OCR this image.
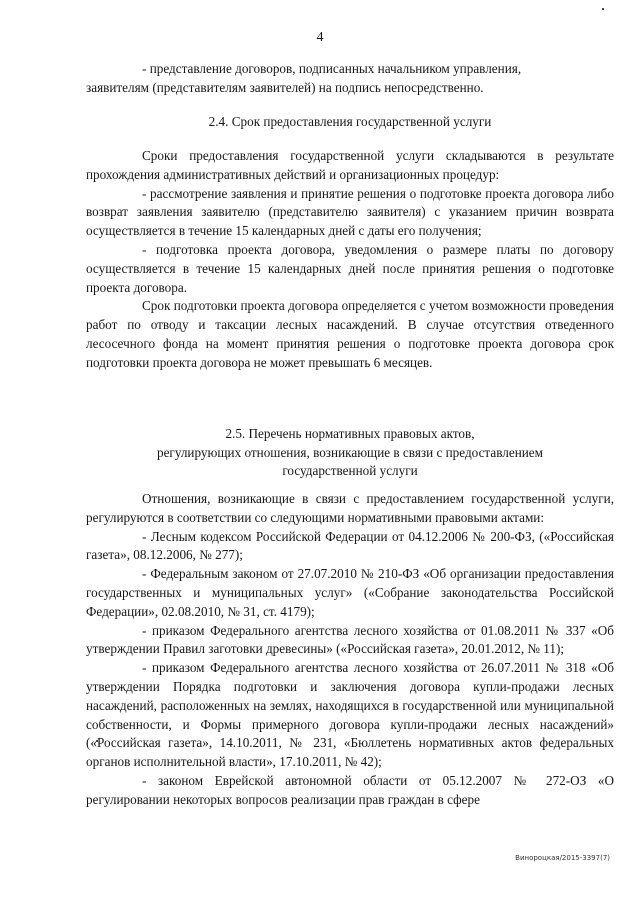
4

- представление договоров, подписанных начальником управления,

заявителям (представителям заявителей) на подпись непосредственно.

2.4. Срок предоставления государственной услуги

Сроки предоставления государственной услуги складываются в результате прохождения административных действий и организационных процедур:

- рассмотрение заявления и принятие решения о подготовке проекта договора либо возврат заявления заявителю (представителю заявителя) с указанием причин возврата осуществляется в течение 15 календарных дней с даты его получения;

- подготовка проекта договора, уведомления о размере платы по договору осуществляется в течение 15 календарных дней после принятия решения о подготовке проекта договора.

Срок подготовки проекта договора определяется с учетом возможности проведения работ по отводу и таксации лесных насаждений. В случае отсутствия отведенного лесосечного фонда на момент принятия решения о подготовке проекта договора срок подготовки проекта договора не может превышать 6 месяцев.

2.5. Перечень нормативных правовых актов,
регулирующих отношения, возникающие в связи с предоставлением
государственной услуги

Отношения, возникающие в связи с предоставлением государственной услуги, регулируются в соответствии со следующими нормативными правовыми актами:

- Лесным кодексом Российской Федерации от 04.12.2006 № 200-ФЗ, («Российская газета», 08.12.2006, № 277);

- Федеральным законом от 27.07.2010 № 210-ФЗ «Об организации предоставления государственных и муниципальных услуг» («Собрание законодательства Российской Федерации», 02.08.2010, № 31, ст. 4179);

- приказом Федерального агентства лесного хозяйства от 01.08.2011 № 337 «Об утверждении Правил заготовки древесины» («Российская газета», 20.01.2012, № 11);

- приказом Федерального агентства лесного хозяйства от 26.07.2011 № 318 «Об утверждении Порядка подготовки и заключения договора купли-продажи лесных насаждений, расположенных на землях, находящихся в государственной или муниципальной собственности, и Формы примерного договора купли-продажи лесных насаждений» («Российская газета», 14.10.2011, № 231, «Бюллетень нормативных актов федеральных органов исполнительной власти», 17.10.2011, № 42);

- законом Еврейской автономной области от 05.12.2007 № 272-ОЗ «О регулировании некоторых вопросов реализации прав граждан в сфере

Винороцкая/2015-3397(7)
